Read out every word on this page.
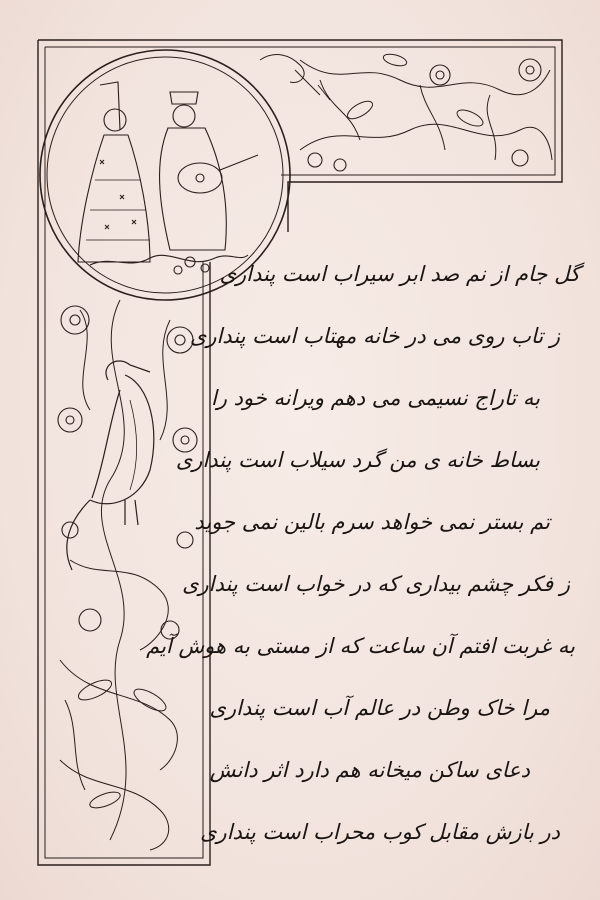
گل جام از نم صد ابر سیراب است پنداری
ز تاب روی می در خانه مهتاب است پنداری
به تاراج نسیمی می دهم ویرانه خود را
بساط خانه ی من گرد سیلاب است پنداری
تم بستر نمی خواهد سرم بالین نمی جوید
ز فکر چشم بیداری که در خواب است پنداری
به غربت افتم آن ساعت که از مستی به هوش آیم
مرا خاک وطن در عالم آب است پنداری
دعای ساکن میخانه هم دارد اثر دانش
در بازش مقابل کوب محراب است پنداری
